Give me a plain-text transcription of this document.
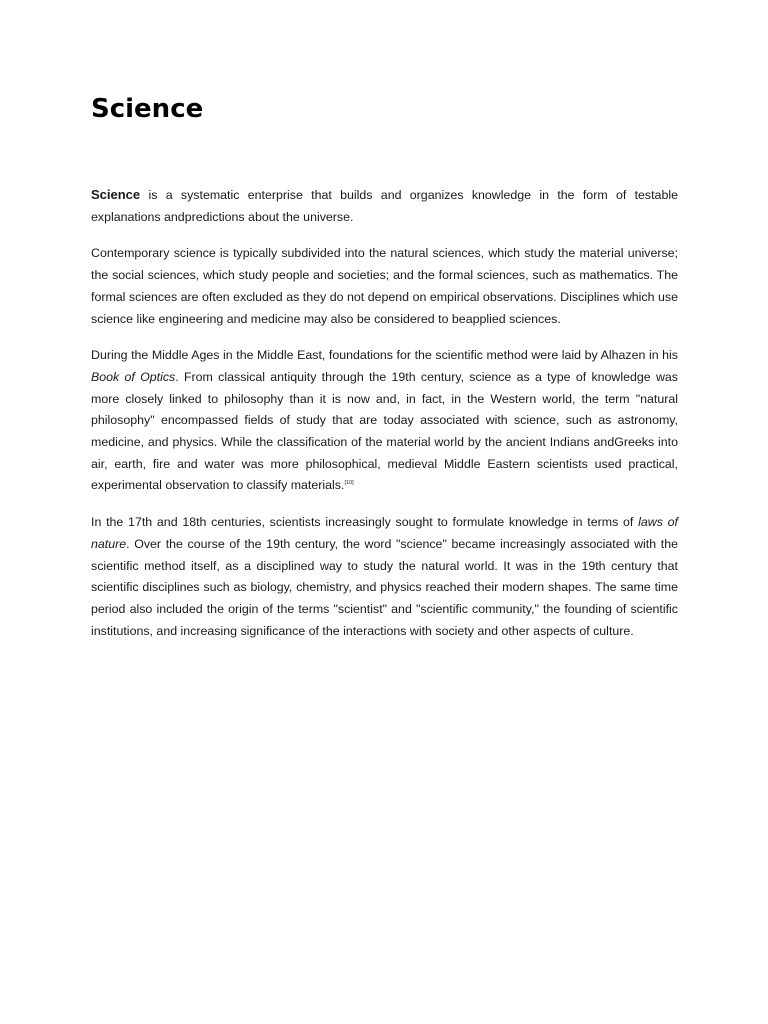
Science

Science is a systematic enterprise that builds and organizes knowledge in the form of testable explanations andpredictions about the universe.

Contemporary science is typically subdivided into the natural sciences, which study the material universe; the social sciences, which study people and societies; and the formal sciences, such as mathematics. The formal sciences are often excluded as they do not depend on empirical observations. Disciplines which use science like engineering and medicine may also be considered to beapplied sciences.

During the Middle Ages in the Middle East, foundations for the scientific method were laid by Alhazen in his Book of Optics. From classical antiquity through the 19th century, science as a type of knowledge was more closely linked to philosophy than it is now and, in fact, in the Western world, the term "natural philosophy" encompassed fields of study that are today associated with science, such as astronomy, medicine, and physics. While the classification of the material world by the ancient Indians andGreeks into air, earth, fire and water was more philosophical, medieval Middle Eastern scientists used practical, experimental observation to classify materials.[10]

In the 17th and 18th centuries, scientists increasingly sought to formulate knowledge in terms of laws of nature. Over the course of the 19th century, the word "science" became increasingly associated with the scientific method itself, as a disciplined way to study the natural world. It was in the 19th century that scientific disciplines such as biology, chemistry, and physics reached their modern shapes. The same time period also included the origin of the terms "scientist" and "scientific community," the founding of scientific institutions, and increasing significance of the interactions with society and other aspects of culture.
